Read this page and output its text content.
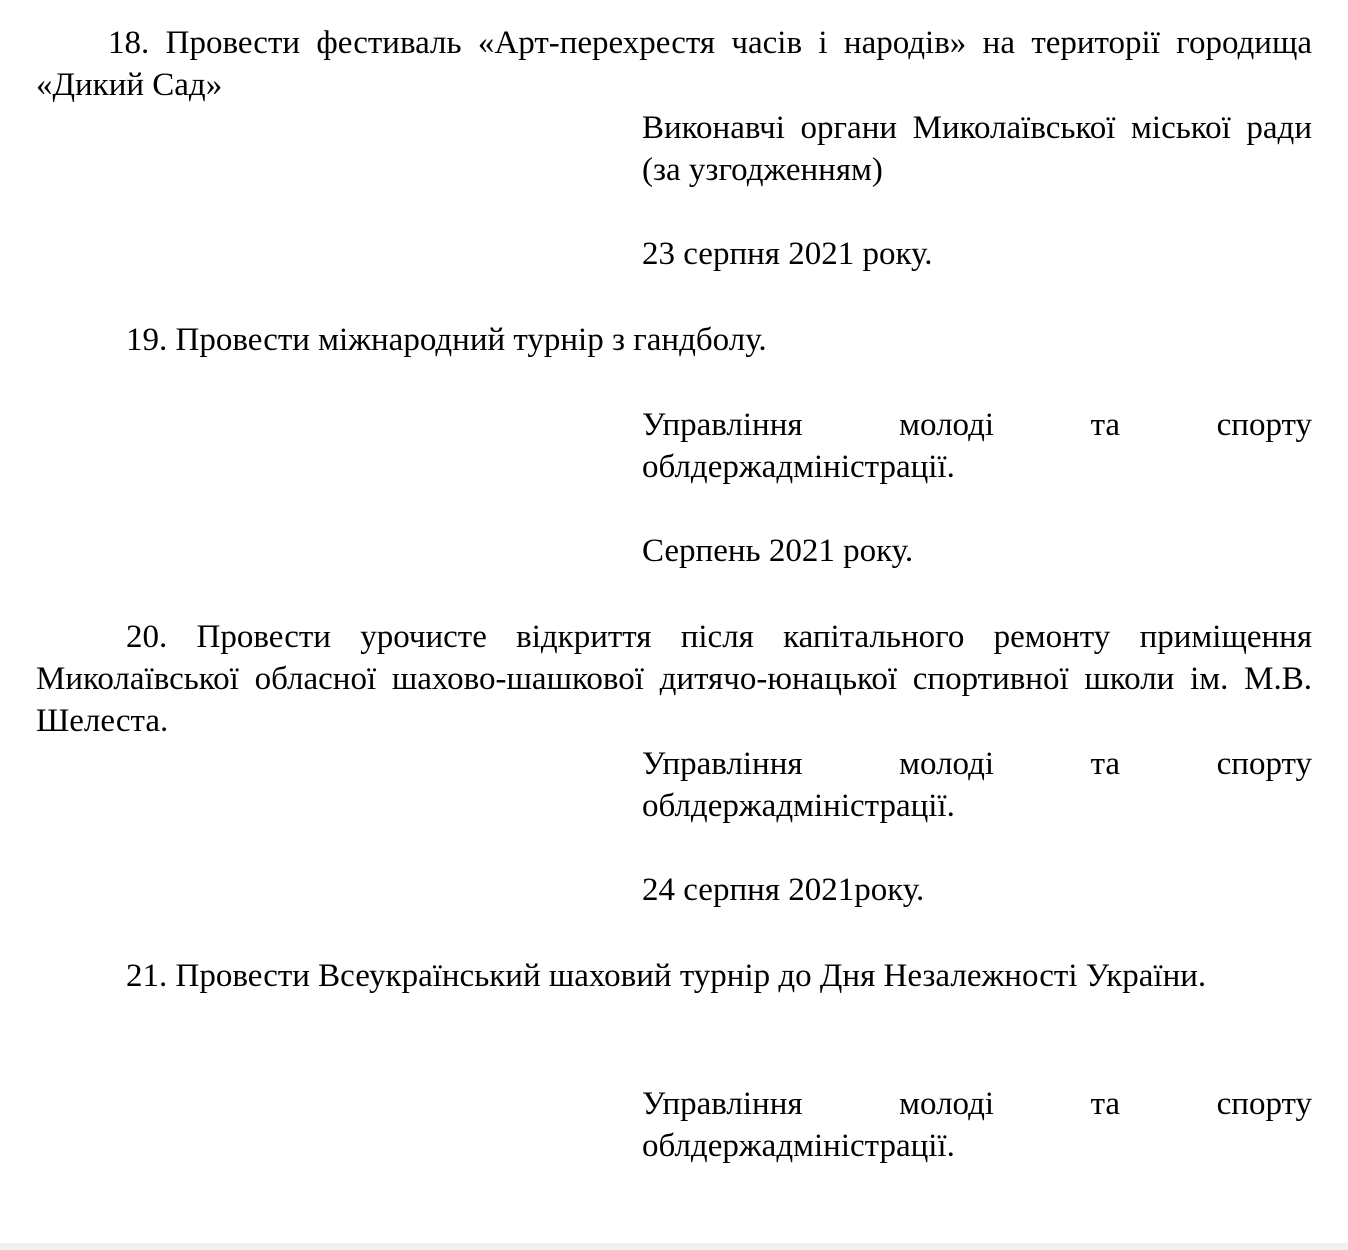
18. Провести фестиваль «Арт-перехрестя часів і народів» на території городища «Дикий Сад»

Виконавчі органи Миколаївської міської ради (за узгодженням)

23 серпня 2021 року.

19. Провести міжнародний турнір з гандболу.

Управління молоді та спорту облдержадміністрації.

Серпень 2021 року.

20. Провести урочисте відкриття після капітального ремонту приміщення Миколаївської обласної шахово-шашкової дитячо-юнацької спортивної школи ім. М.В. Шелеста.

Управління молоді та спорту облдержадміністрації.

24 серпня 2021року.

21. Провести Всеукраїнський шаховий турнір до Дня Незалежності України.

Управління молоді та спорту облдержадміністрації.
